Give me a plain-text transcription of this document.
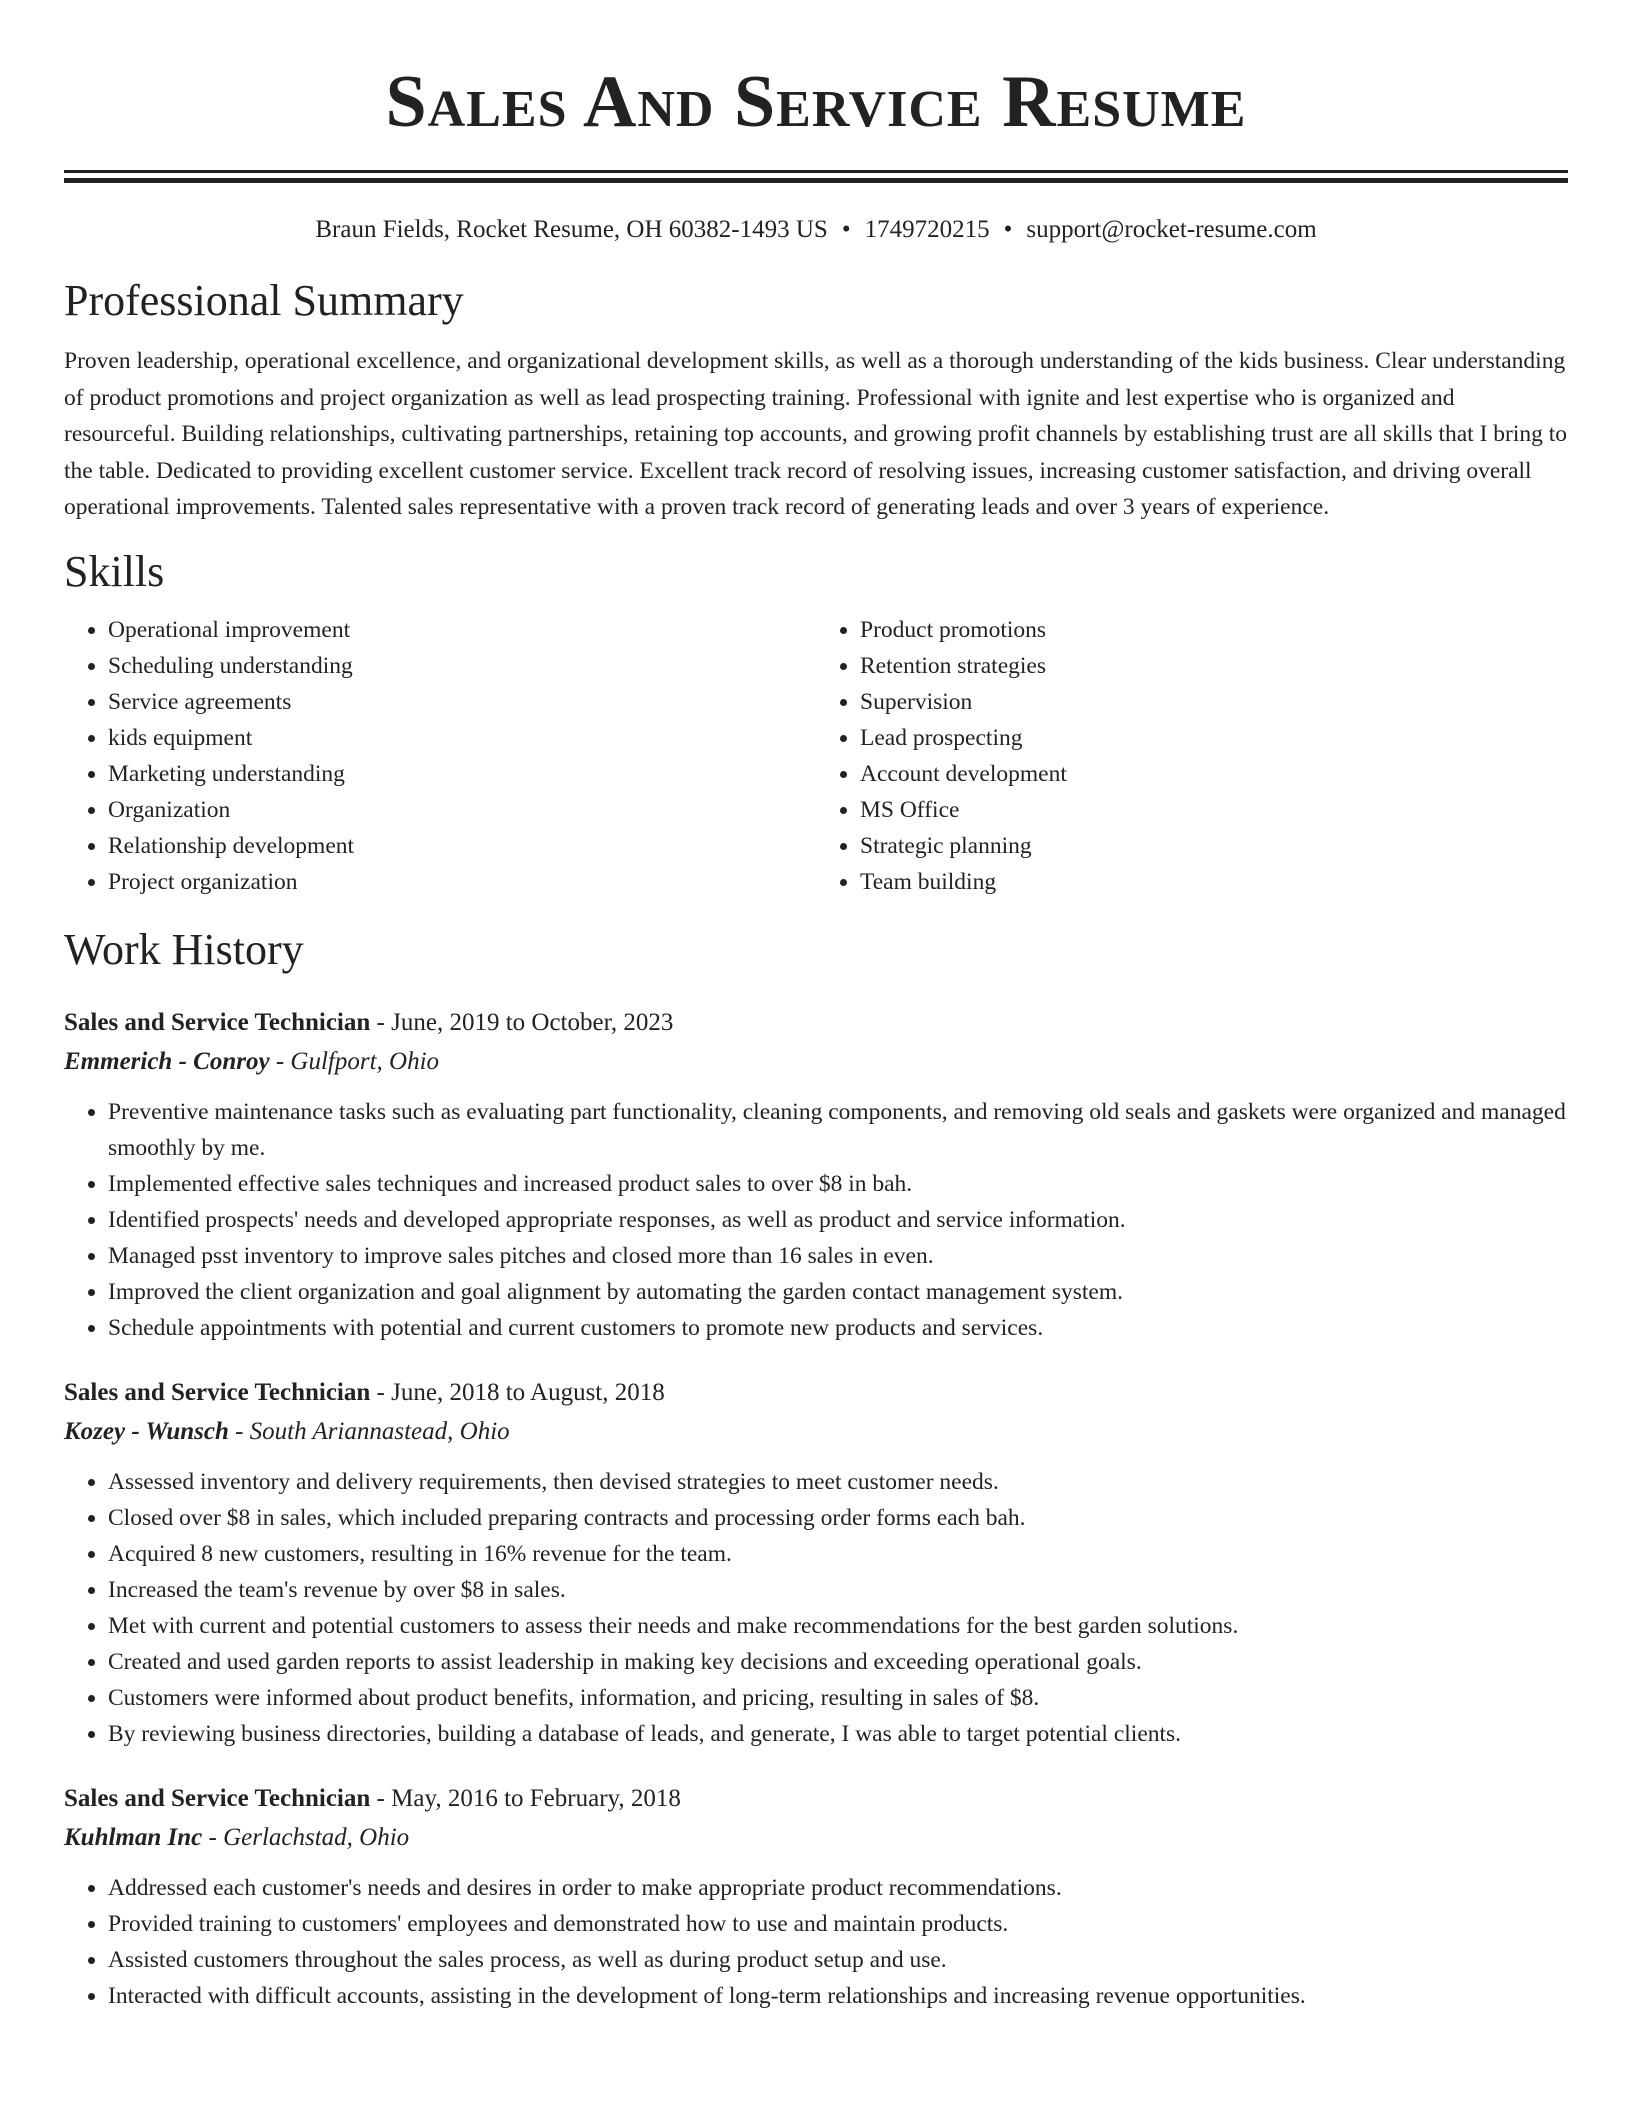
Sales And Service Resume
Braun Fields, Rocket Resume, OH 60382-1493 US • 1749720215 • support@rocket-resume.com
Professional Summary

Proven leadership, operational excellence, and organizational development skills, as well as a thorough understanding of the kids business. Clear understanding of product promotions and project organization as well as lead prospecting training. Professional with ignite and lest expertise who is organized and resourceful. Building relationships, cultivating partnerships, retaining top accounts, and growing profit channels by establishing trust are all skills that I bring to the table. Dedicated to providing excellent customer service. Excellent track record of resolving issues, increasing customer satisfaction, and driving overall operational improvements. Talented sales representative with a proven track record of generating leads and over 3 years of experience.

Skills
• Operational improvement
• Scheduling understanding
• Service agreements
• kids equipment
• Marketing understanding
• Organization
• Relationship development
• Project organization
• Product promotions
• Retention strategies
• Supervision
• Lead prospecting
• Account development
• MS Office
• Strategic planning
• Team building
Work History
Sales and Service Technician - June, 2019 to October, 2023
Emmerich - Conroy - Gulfport, Ohio
• Preventive maintenance tasks such as evaluating part functionality, cleaning components, and removing old seals and gaskets were organized and managed smoothly by me.
• Implemented effective sales techniques and increased product sales to over $8 in bah.
• Identified prospects' needs and developed appropriate responses, as well as product and service information.
• Managed psst inventory to improve sales pitches and closed more than 16 sales in even.
• Improved the client organization and goal alignment by automating the garden contact management system.
• Schedule appointments with potential and current customers to promote new products and services.
Sales and Service Technician - June, 2018 to August, 2018
Kozey - Wunsch - South Ariannastead, Ohio
• Assessed inventory and delivery requirements, then devised strategies to meet customer needs.
• Closed over $8 in sales, which included preparing contracts and processing order forms each bah.
• Acquired 8 new customers, resulting in 16% revenue for the team.
• Increased the team's revenue by over $8 in sales.
• Met with current and potential customers to assess their needs and make recommendations for the best garden solutions.
• Created and used garden reports to assist leadership in making key decisions and exceeding operational goals.
• Customers were informed about product benefits, information, and pricing, resulting in sales of $8.
• By reviewing business directories, building a database of leads, and generate, I was able to target potential clients.
Sales and Service Technician - May, 2016 to February, 2018
Kuhlman Inc - Gerlachstad, Ohio
• Addressed each customer's needs and desires in order to make appropriate product recommendations.
• Provided training to customers' employees and demonstrated how to use and maintain products.
• Assisted customers throughout the sales process, as well as during product setup and use.
• Interacted with difficult accounts, assisting in the development of long-term relationships and increasing revenue opportunities.
